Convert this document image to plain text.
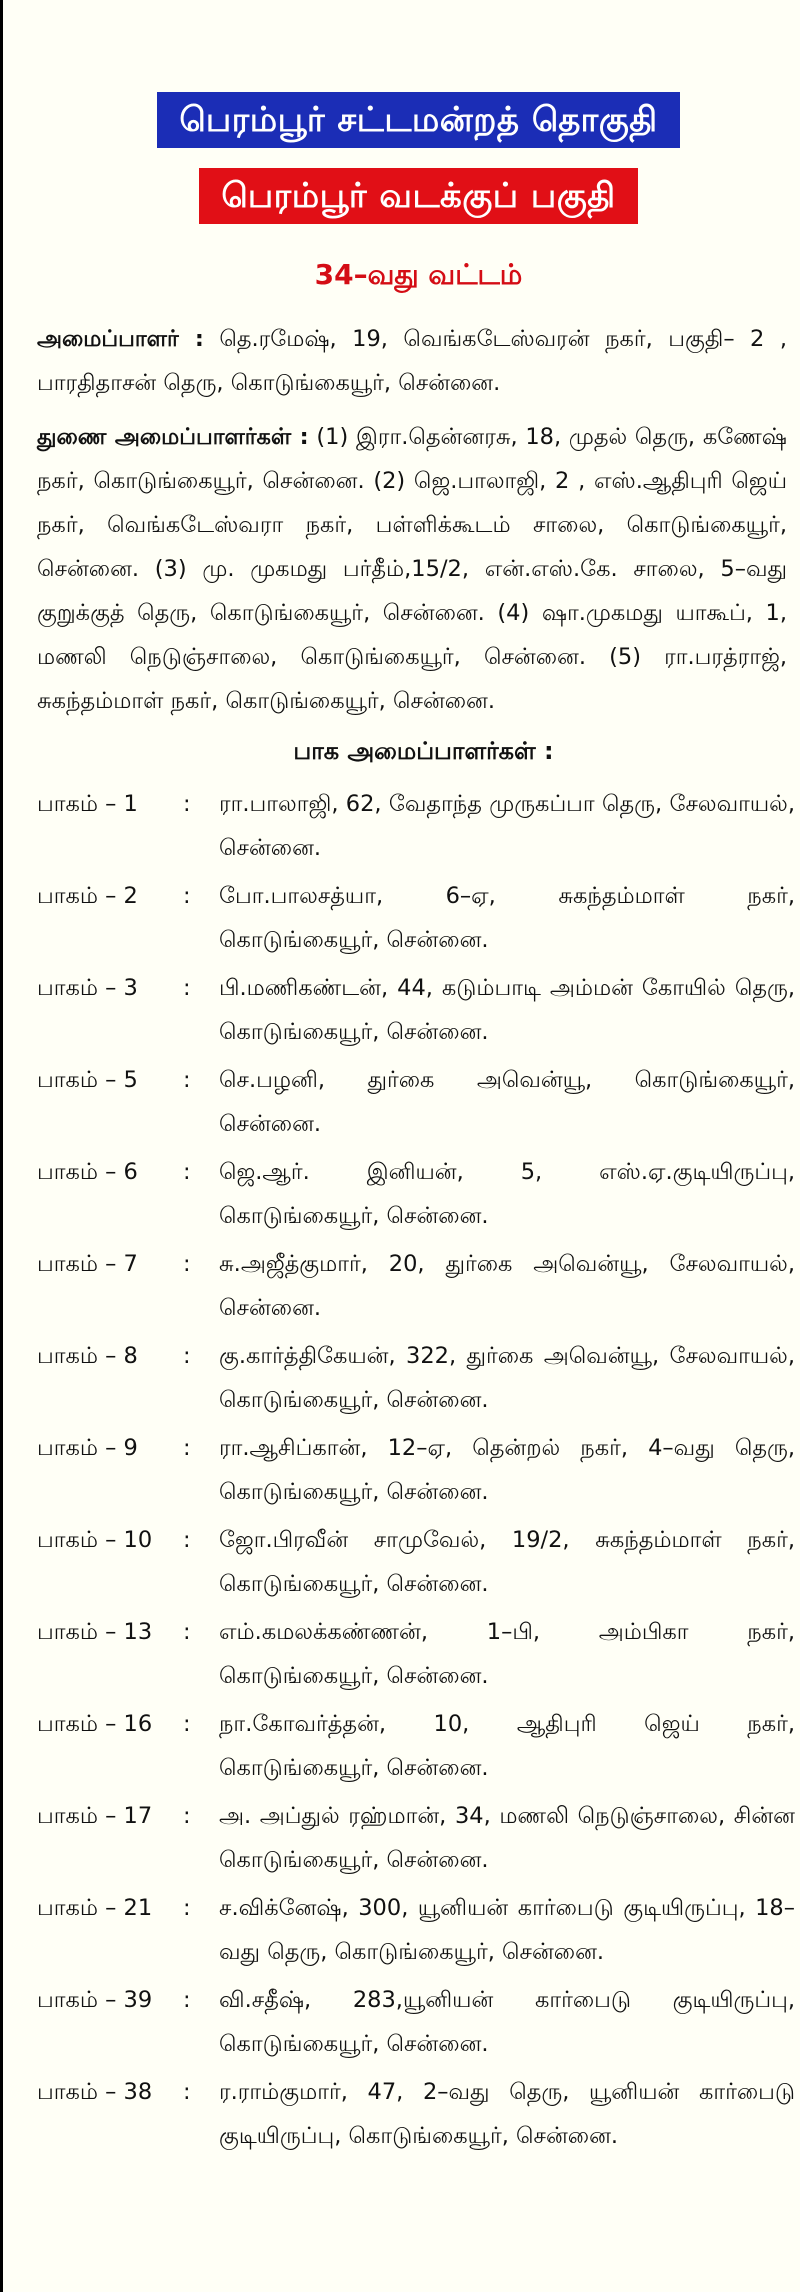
பெரம்பூர் சட்டமன்றத் தொகுதி
பெரம்பூர் வடக்குப் பகுதி
34–வது வட்டம்

அமைப்பாளர் : தெ.ரமேஷ், 19, வெங்கடேஸ்வரன் நகர், பகுதி– 2 , பாரதிதாசன் தெரு, கொடுங்கையூர், சென்னை.

துணை அமைப்பாளர்கள் : (1) இரா.தென்னரசு, 18, முதல் தெரு, கணேஷ் நகர், கொடுங்கையூர், சென்னை. (2) ஜெ.பாலாஜி, 2 , எஸ்.ஆதிபுரி ஜெய் நகர், வெங்கடேஸ்வரா நகர், பள்ளிக்கூடம் சாலை, கொடுங்கையூர், சென்னை. (3) மு. முகமது பர்தீம்,15/2, என்.எஸ்.கே. சாலை, 5–வது குறுக்குத் தெரு, கொடுங்கையூர், சென்னை. (4) ஷா.முகமது யாகூப், 1, மணலி நெடுஞ்சாலை, கொடுங்கையூர், சென்னை. (5) ரா.பரத்ராஜ், சுகந்தம்மாள் நகர், கொடுங்கையூர், சென்னை.

பாக அமைப்பாளர்கள் :
பாகம் – 1	:	ரா.பாலாஜி, 62, வேதாந்த முருகப்பா தெரு, சேலவாயல், சென்னை.
பாகம் – 2	:	போ.பாலசத்யா, 6–ஏ, சுகந்தம்மாள் நகர், கொடுங்கையூர், சென்னை.
பாகம் – 3	:	பி.மணிகண்டன், 44, கடும்பாடி அம்மன் கோயில் தெரு, கொடுங்கையூர், சென்னை.
பாகம் – 5	:	செ.பழனி, துர்கை அவென்யூ, கொடுங்கையூர், சென்னை.
பாகம் – 6	:	ஜெ.ஆர். இனியன், 5, எஸ்.ஏ.குடியிருப்பு, கொடுங்கையூர், சென்னை.
பாகம் – 7	:	சு.அஜீத்குமார், 20, துர்கை அவென்யூ, சேலவாயல், சென்னை.
பாகம் – 8	:	கு.கார்த்திகேயன், 322, துர்கை அவென்யூ, சேலவாயல், கொடுங்கையூர், சென்னை.
பாகம் – 9	:	ரா.ஆசிப்கான், 12–ஏ, தென்றல் நகர், 4–வது தெரு, கொடுங்கையூர், சென்னை.
பாகம் – 10	:	ஜோ.பிரவீன் சாமுவேல், 19/2, சுகந்தம்மாள் நகர், கொடுங்கையூர், சென்னை.
பாகம் – 13	:	எம்.கமலக்கண்ணன், 1–பி, அம்பிகா நகர், கொடுங்கையூர், சென்னை.
பாகம் – 16	:	நா.கோவர்த்தன், 10, ஆதிபுரி ஜெய் நகர், கொடுங்கையூர், சென்னை.
பாகம் – 17	:	அ. அப்துல் ரஹ்மான், 34, மணலி நெடுஞ்சாலை, சின்ன கொடுங்கையூர், சென்னை.
பாகம் – 21	:	ச.விக்னேஷ், 300, யூனியன் கார்பைடு குடியிருப்பு, 18–வது தெரு, கொடுங்கையூர், சென்னை.
பாகம் – 39	:	வி.சதீஷ், 283,யூனியன் கார்பைடு குடியிருப்பு, கொடுங்கையூர், சென்னை.
பாகம் – 38	:	ர.ராம்குமார், 47, 2–வது தெரு, யூனியன் கார்பைடு குடியிருப்பு, கொடுங்கையூர், சென்னை.
